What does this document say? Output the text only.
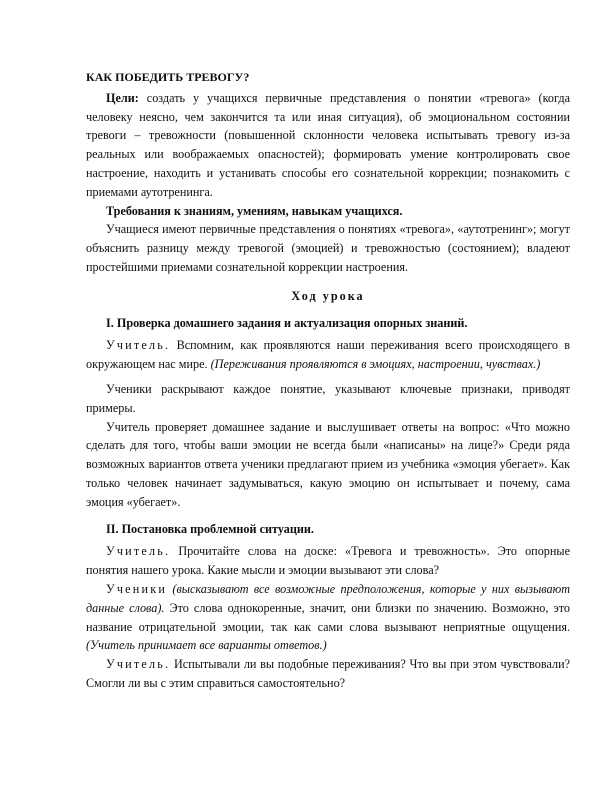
КАК ПОБЕДИТЬ ТРЕВОГУ?

Цели: создать у учащихся первичные представления о понятии «тревога» (когда человеку неясно, чем закончится та или иная ситуация), об эмоциональном состоянии тревоги – тревожности (повышенной склонности человека испытывать тревогу из-за реальных или воображаемых опасностей); формировать умение контролировать свое настроение, находить и устанивать способы его сознательной коррекции; познакомить с приемами аутотренинга.

Требования к знаниям, умениям, навыкам учащихся.

Учащиеся имеют первичные представления о понятиях «тревога», «аутотренинг»; могут объяснить разницу между тревогой (эмоцией) и тревожностью (состоянием); владеют простейшими приемами сознательной коррекции настроения.

Ход урока

I. Проверка домашнего задания и актуализация опорных знаний.

Учитель. Вспомним, как проявляются наши переживания всего происходящего в окружающем нас мире. (Переживания проявляются в эмоциях, настроении, чувствах.)

Ученики раскрывают каждое понятие, указывают ключевые признаки, приводят примеры.

Учитель проверяет домашнее задание и выслушивает ответы на вопрос: «Что можно сделать для того, чтобы ваши эмоции не всегда были «написаны» на лице?» Среди ряда возможных вариантов ответа ученики предлагают прием из учебника «эмоция убегает». Как только человек начинает задумываться, какую эмоцию он испытывает и почему, сама эмоция «убегает».

II. Постановка проблемной ситуации.

Учитель. Прочитайте слова на доске: «Тревога и тревожность». Это опорные понятия нашего урока. Какие мысли и эмоции вызывают эти слова?

Ученики (высказывают все возможные предположения, которые у них вызывают данные слова). Это слова однокоренные, значит, они близки по значению. Возможно, это название отрицательной эмоции, так как сами слова вызывают неприятные ощущения. (Учитель принимает все варианты ответов.)

Учитель. Испытывали ли вы подобные переживания? Что вы при этом чувствовали? Смогли ли вы с этим справиться самостоятельно?
